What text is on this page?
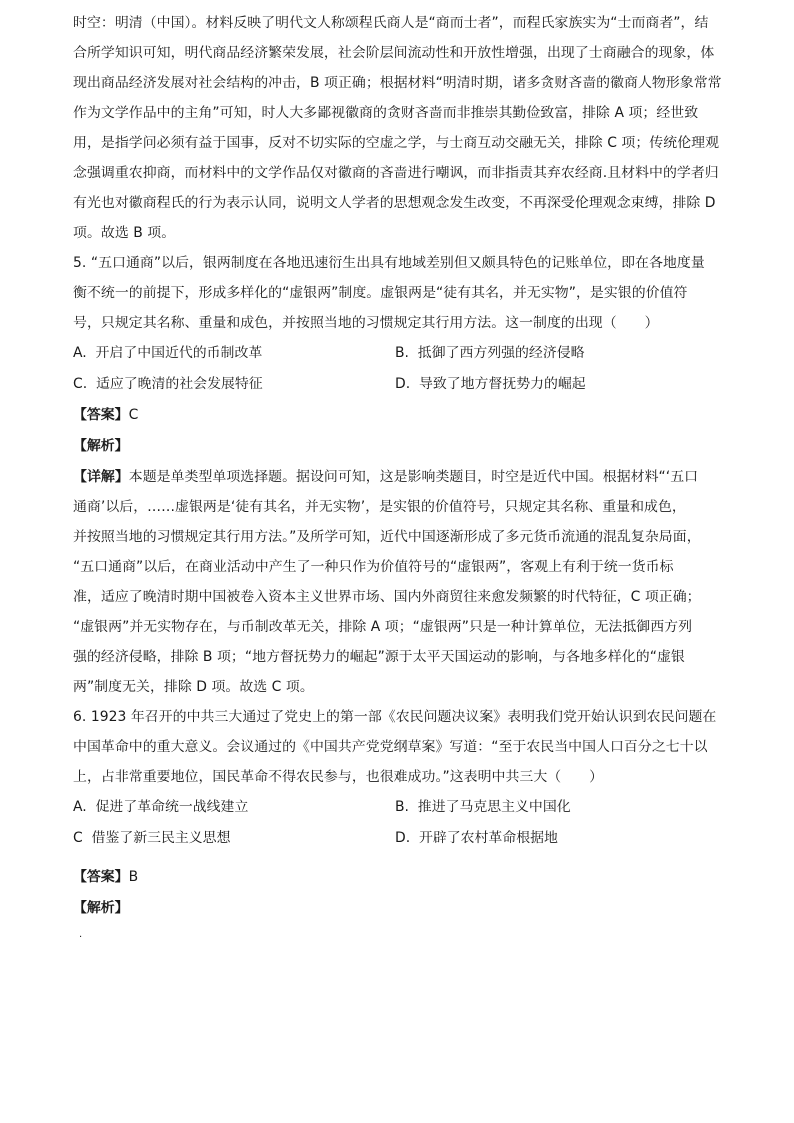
时空：明清（中国）。材料反映了明代文人称颂程氏商人是“商而士者”，而程氏家族实为“士而商者”，结
合所学知识可知，明代商品经济繁荣发展，社会阶层间流动性和开放性增强，出现了士商融合的现象，体
现出商品经济发展对社会结构的冲击，B 项正确；根据材料“明清时期，诸多贪财吝啬的徽商人物形象常常
作为文学作品中的主角”可知，时人大多鄙视徽商的贪财吝啬而非推崇其勤俭致富，排除 A 项；经世致
用，是指学问必须有益于国事，反对不切实际的空虚之学，与士商互动交融无关，排除 C 项；传统伦理观
念强调重农抑商，而材料中的文学作品仅对徽商的吝啬进行嘲讽，而非指责其弃农经商.且材料中的学者归
有光也对徽商程氏的行为表示认同，说明文人学者的思想观念发生改变，不再深受伦理观念束缚，排除 D
项。故选 B 项。
5. “五口通商”以后，银两制度在各地迅速衍生出具有地域差别但又颇具特色的记账单位，即在各地度量
衡不统一的前提下，形成多样化的“虚银两”制度。虚银两是“徒有其名，并无实物”，是实银的价值符
号，只规定其名称、重量和成色，并按照当地的习惯规定其行用方法。这一制度的出现（　　）
A. 开启了中国近代的币制改革	B. 抵御了西方列强的经济侵略
C. 适应了晚清的社会发展特征	D. 导致了地方督抚势力的崛起
【答案】C
【解析】
【详解】本题是单类型单项选择题。据设问可知，这是影响类题目，时空是近代中国。根据材料“‘五口
通商’以后，……虚银两是‘徒有其名，并无实物’，是实银的价值符号，只规定其名称、重量和成色，
并按照当地的习惯规定其行用方法。”及所学可知，近代中国逐渐形成了多元货币流通的混乱复杂局面，
“五口通商”以后，在商业活动中产生了一种只作为价值符号的“虚银两”，客观上有利于统一货币标
准，适应了晚清时期中国被卷入资本主义世界市场、国内外商贸往来愈发频繁的时代特征，C 项正确；
“虚银两”并无实物存在，与币制改革无关，排除 A 项；“虚银两”只是一种计算单位，无法抵御西方列
强的经济侵略，排除 B 项；“地方督抚势力的崛起”源于太平天国运动的影响，与各地多样化的“虚银
两”制度无关，排除 D 项。故选 C 项。
6. 1923 年召开的中共三大通过了党史上的第一部《农民问题决议案》表明我们党开始认识到农民问题在
中国革命中的重大意义。会议通过的《中国共产党党纲草案》写道：“至于农民当中国人口百分之七十以
上，占非常重要地位，国民革命不得农民参与，也很难成功。”这表明中共三大（　　）
A. 促进了革命统一战线建立	B. 推进了马克思主义中国化
C 借鉴了新三民主义思想	D. 开辟了农村革命根据地
【答案】B
【解析】
·
